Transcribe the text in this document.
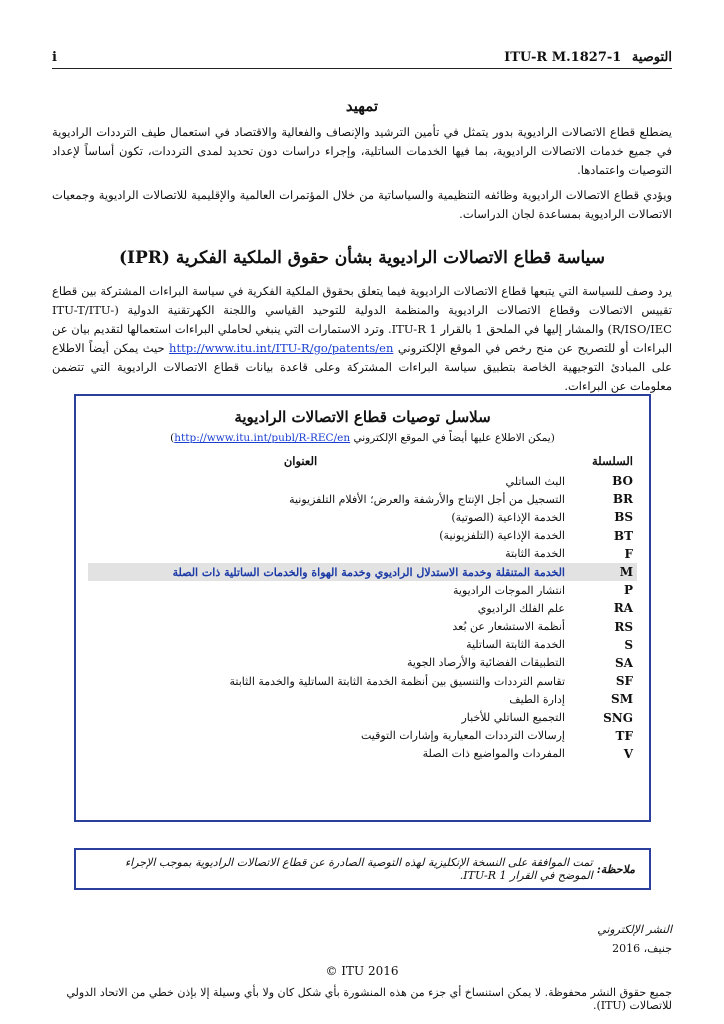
i	التوصية ITU-R M.1827-1
تمهيد

يضطلع قطاع الاتصالات الراديوية بدور يتمثل في تأمين الترشيد والإنصاف والفعالية والاقتصاد في استعمال طيف الترددات الراديوية في جميع خدمات الاتصالات الراديوية، بما فيها الخدمات الساتلية، وإجراء دراسات دون تحديد لمدى الترددات، تكون أساساً لإعداد التوصيات واعتمادها.

ويؤدي قطاع الاتصالات الراديوية وظائفه التنظيمية والسياساتية من خلال المؤتمرات العالمية والإقليمية للاتصالات الراديوية وجمعيات الاتصالات الراديوية بمساعدة لجان الدراسات.

سياسة قطاع الاتصالات الراديوية بشأن حقوق الملكية الفكرية (IPR)

يرد وصف للسياسة التي يتبعها قطاع الاتصالات الراديوية فيما يتعلق بحقوق الملكية الفكرية في سياسة البراءات المشتركة بين قطاع تقييس الاتصالات وقطاع الاتصالات الراديوية والمنظمة الدولية للتوحيد القياسي واللجنة الكهرتقنية الدولية (ITU-T/ITU-R/ISO/IEC) والمشار إليها في الملحق 1 بالقرار ITU-R 1. وترد الاستمارات التي ينبغي لحاملي البراءات استعمالها لتقديم بيان عن البراءات أو للتصريح عن منح رخص في الموقع الإلكتروني http://www.itu.int/ITU-R/go/patents/en حيث يمكن أيضاً الاطلاع على المبادئ التوجيهية الخاصة بتطبيق سياسة البراءات المشتركة وعلى قاعدة بيانات قطاع الاتصالات الراديوية التي تتضمن معلومات عن البراءات.

سلاسل توصيات قطاع الاتصالات الراديوية
(يمكن الاطلاع عليها أيضاً في الموقع الإلكتروني http://www.itu.int/publ/R-REC/en)
السلسلة	العنوان
BO	البث الساتلي
BR	التسجيل من أجل الإنتاج والأرشفة والعرض؛ الأفلام التلفزيونية
BS	الخدمة الإذاعية (الصوتية)
BT	الخدمة الإذاعية (التلفزيونية)
F	الخدمة الثابتة
M	الخدمة المتنقلة وخدمة الاستدلال الراديوي وخدمة الهواة والخدمات الساتلية ذات الصلة
P	انتشار الموجات الراديوية
RA	علم الفلك الراديوي
RS	أنظمة الاستشعار عن بُعد
S	الخدمة الثابتة الساتلية
SA	التطبيقات الفضائية والأرصاد الجوية
SF	تقاسم الترددات والتنسيق بين أنظمة الخدمة الثابتة الساتلية والخدمة الثابتة
SM	إدارة الطيف
SNG	التجميع الساتلي للأخبار
TF	إرسالات الترددات المعيارية وإشارات التوقيت
V	المفردات والمواضيع ذات الصلة
ملاحظة:
تمت الموافقة على النسخة الإنكليزية لهذه التوصية الصادرة عن قطاع الاتصالات الراديوية بموجب الإجراء الموضح في القرار ITU-R 1.
النشر الإلكتروني
جنيف، 2016
© ITU 2016
جميع حقوق النشر محفوظة. لا يمكن استنساخ أي جزء من هذه المنشورة بأي شكل كان ولا بأي وسيلة إلا بإذن خطي من الاتحاد الدولي للاتصالات (ITU).
